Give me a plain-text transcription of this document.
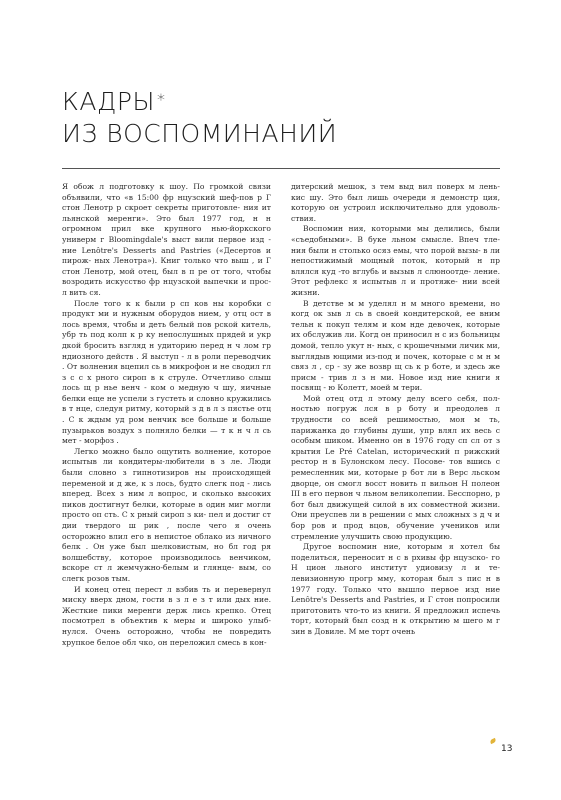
КАДРЫ *
ИЗ ВОСПОМИНАНИЙ

Я обож л подготовку к шоу. По громкой связи объявили, что «в 15:00 фр нцузский шеф-пов р Г стон Ленотр р скроет секреты приготовле- ния ит льянской меренги». Это был 1977 год, н н огромном прил вке крупного нью-йоркского универм г Bloomingdale's выст вили первое изд - ние Lenôtre's Desserts and Pastries («Десертов и пирож- ных Ленотра»). Книг только что выш , и Г стон Ленотр, мой отец, был в п ре от того, чтобы возродить искусство фр нцузской выпечки и прос- л вить ся.

После того к к были р сп ков ны коробки с продукт ми и нужным оборудов нием, у отц ост в лось время, чтобы и деть белый пов рской китель, убр ть под колп к р ку непослушных прядей и укр дкой бросить взгляд н удиторию перед н ч лом гр ндиозного действ . Я выступ - л в роли переводчик . От волнения вцепил сь в микрофон и не сводил гл з с с х рного сироп в к струле. Отчетливо слыш лось щ р нье венч - ком о медную ч шу, яичные белки еще не успели з густеть и словно кружились в т нце, следуя ритму, который з д в л з пястье отц . С к ждым уд ром венчик все больше и больше пузырьков воздух з полняло белки — т к н ч л сь мет - морфоз .

Легко можно было ощутить волнение, которое испытыв ли кондитеры-любители в з ле. Люди были словно з гипнотизиров ны происходящей переменой и д же, к з лось, будто слегк под - лись вперед. Всех з ним л вопрос, и сколько высоких пиков достигнут белки, которые в один миг могли просто оп сть. С х рный сироп з ки- пел и достиг ст дии твердого ш рик , после чего я очень осторожно влил его в непистое облако из яичного белк . Он уже был шелковистым, но бл год ря волшебству, которое производилось венчиком, вскоре ст л жемчужно-белым и глянце- вым, со слегк розов тым.

И конец отец перест л взбив ть и перевернул миску вверх дном, гости в з л е з т или дых ние. Жесткие пики меренги держ лись крепко. Отец посмотрел в объектив к меры и широко улыб- нулся. Очень осторожно, чтобы не повредить хрупкое белое обл чко, он переложил смесь в кон-

дитерский мешок, з тем выд вил поверх м лень- кис шу. Это был лишь очереди я демонстр ция, которую он устроил исключительно для удоволь- ствия.

Воспомин ния, которыми мы делились, были «съедобными». В буке льном смысле. Впеч тле- ния были н столько осяз емы, что порой вызы- в ли непостижимый мощный поток, который н пр влялся куд -то вглубь и вызыв л слюноотде- ление. Этот рефлекс я испытыв л и протяже- нии всей жизни.

В детстве м м уделял н м много времени, но когд ок зыв л сь в своей кондитерской, ее вним тельн к покуп телям и ком нде девочек, которые их обслужив ли. Когд он приносил н с из больницы домой, тепло укут н- ных, с крошечными личик ми, выглядыв ющими из-под и почек, которые с м н м связ л , ср - зу же возвр щ сь к р боте, и здесь же присм - трив л з н ми. Новое изд ние книги я посвящ - ю Колетт, моей м тери.

Мой отец отд л этому делу всего себя, пол- ностью погруж лся в р боту и преодолев л трудности со всей решимостью, моя м ть, парижанка до глубины души, упр влял их весь с особым шиком. Именно он в 1976 году сп сл от з крытия Le Pré Catelan, исторический п рижский рестор н в Булонском лесу. Посове- тов вшись с ремесленник ми, которые р бот ли в Верс льском дворце, он смогл восст новить п вильон Н полеон III в его первон ч льном великолепии. Бесспорно, р бот был движущей силой в их совместной жизни. Они преуспев ли в решении с мых сложных з д ч и бор ров и прод вцов, обучение учеников или стремление улучшить свою продукцию.

Другое воспомин ние, которым я хотел бы поделиться, переносит н с в рхивы фр нцузско- го Н цион льного институт удиовизу л и те- левизионную прогр мму, которая был з пис н в 1977 году. Только что вышло первое изд ние Lenôtre's Desserts and Pastries, и Г стон попросили приготовить что-то из книги. Я предложил испечь торт, который был созд н к открытию м шего м г зин в Довиле. М ме торт очень

13
